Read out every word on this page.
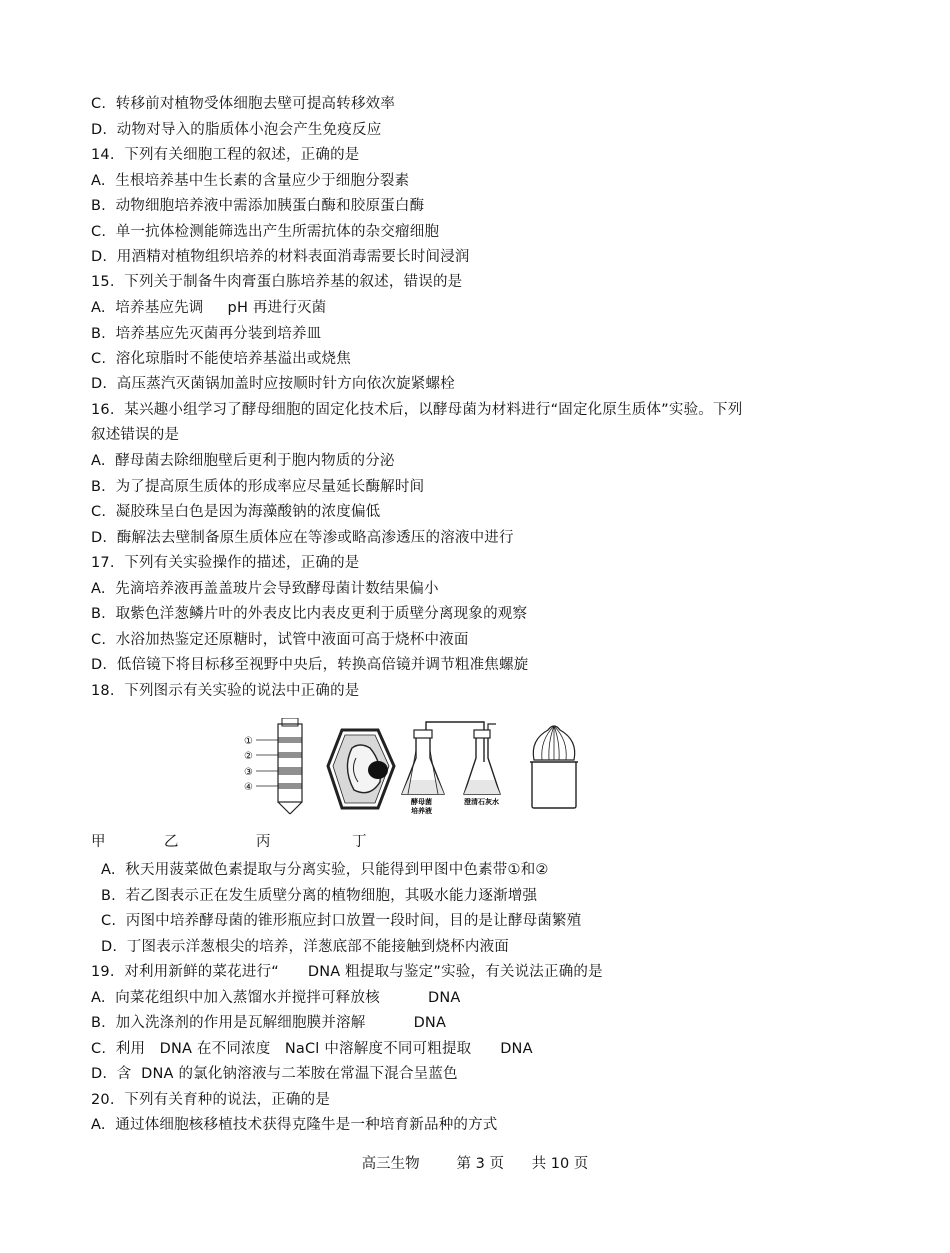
C.  转移前对植物受体细胞去壁可提高转移效率
D.  动物对导入的脂质体小泡会产生免疫反应
14.  下列有关细胞工程的叙述，正确的是
A.  生根培养基中生长素的含量应少于细胞分裂素
B.  动物细胞培养液中需添加胰蛋白酶和胶原蛋白酶
C.  单一抗体检测能筛选出产生所需抗体的杂交瘤细胞
D.  用酒精对植物组织培养的材料表面消毒需要长时间浸润
15.  下列关于制备牛肉膏蛋白胨培养基的叙述，错误的是
A.  培养基应先调     pH 再进行灭菌
B.  培养基应先灭菌再分装到培养皿
C.  溶化琼脂时不能使培养基溢出或烧焦
D.  高压蒸汽灭菌锅加盖时应按顺时针方向依次旋紧螺栓
16.  某兴趣小组学习了酵母细胞的固定化技术后，以酵母菌为材料进行“固定化原生质体”实验。下列
叙述错误的是
A.  酵母菌去除细胞壁后更利于胞内物质的分泌
B.  为了提高原生质体的形成率应尽量延长酶解时间
C.  凝胶珠呈白色是因为海藻酸钠的浓度偏低
D.  酶解法去壁制备原生质体应在等渗或略高渗透压的溶液中进行
17.  下列有关实验操作的描述，正确的是
A.  先滴培养液再盖盖玻片会导致酵母菌计数结果偏小
B.  取紫色洋葱鳞片叶的外表皮比内表皮更利于质壁分离现象的观察
C.  水浴加热鉴定还原糖时，试管中液面可高于烧杯中液面
D.  低倍镜下将目标移至视野中央后，转换高倍镜并调节粗准焦螺旋
18.  下列图示有关实验的说法中正确的是
①
②
③
④
酵母菌
培养液
澄清石灰水
甲	乙	丙	丁
A.  秋天用菠菜做色素提取与分离实验，只能得到甲图中色素带①和②
B.  若乙图表示正在发生质壁分离的植物细胞，其吸水能力逐渐增强
C.  丙图中培养酵母菌的锥形瓶应封口放置一段时间，目的是让酵母菌繁殖
D.  丁图表示洋葱根尖的培养，洋葱底部不能接触到烧杯内液面
19.  对利用新鲜的菜花进行“      DNA 粗提取与鉴定”实验，有关说法正确的是
A.  向菜花组织中加入蒸馏水并搅拌可释放核          DNA
B.  加入洗涤剂的作用是瓦解细胞膜并溶解          DNA
C.  利用   DNA 在不同浓度   NaCl 中溶解度不同可粗提取      DNA
D.  含  DNA 的氯化钠溶液与二苯胺在常温下混合呈蓝色
20.  下列有关育种的说法，正确的是
A.  通过体细胞核移植技术获得克隆牛是一种培育新品种的方式
高三生物        第 3 页      共 10 页
